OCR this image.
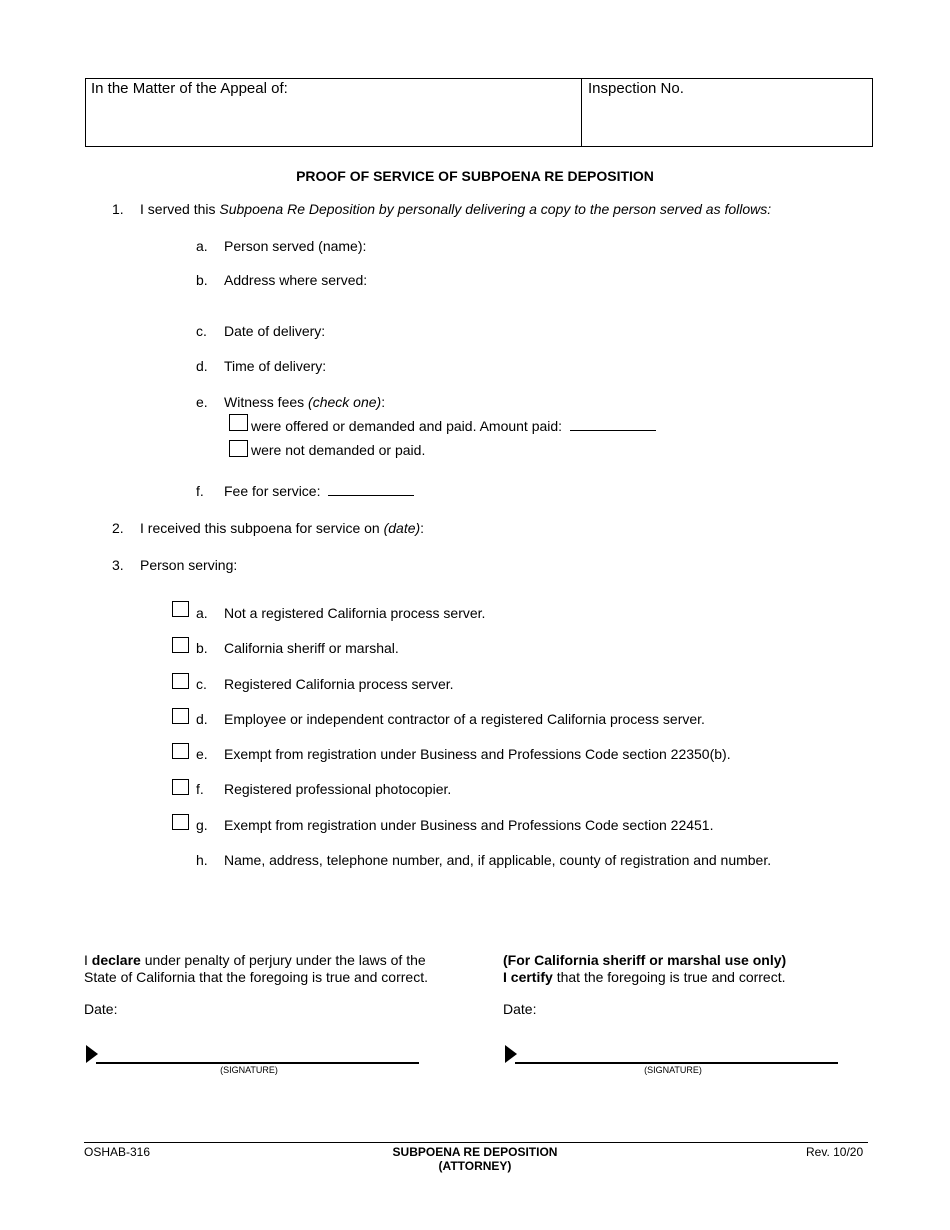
In the Matter of the Appeal of:	Inspection No.
PROOF OF SERVICE OF SUBPOENA RE DEPOSITION
1. I served this Subpoena Re Deposition by personally delivering a copy to the person served as follows:
a. Person served (name):
b. Address where served:
c. Date of delivery:
d. Time of delivery:
e. Witness fees (check one):
were offered or demanded and paid. Amount paid:
were not demanded or paid.
f. Fee for service:
2. I received this subpoena for service on (date):
3. Person serving:
a. Not a registered California process server.
b. California sheriff or marshal.
c. Registered California process server.
d. Employee or independent contractor of a registered California process server.
e. Exempt from registration under Business and Professions Code section 22350(b).
f. Registered professional photocopier.
g. Exempt from registration under Business and Professions Code section 22451.
h. Name, address, telephone number, and, if applicable, county of registration and number.
I declare under penalty of perjury under the laws of the
State of California that the foregoing is true and correct.
Date:
(SIGNATURE)
(For California sheriff or marshal use only)
I certify that the foregoing is true and correct.
Date:
(SIGNATURE)
OSHAB-316	SUBPOENA RE DEPOSITION
(ATTORNEY)
Rev. 10/20
